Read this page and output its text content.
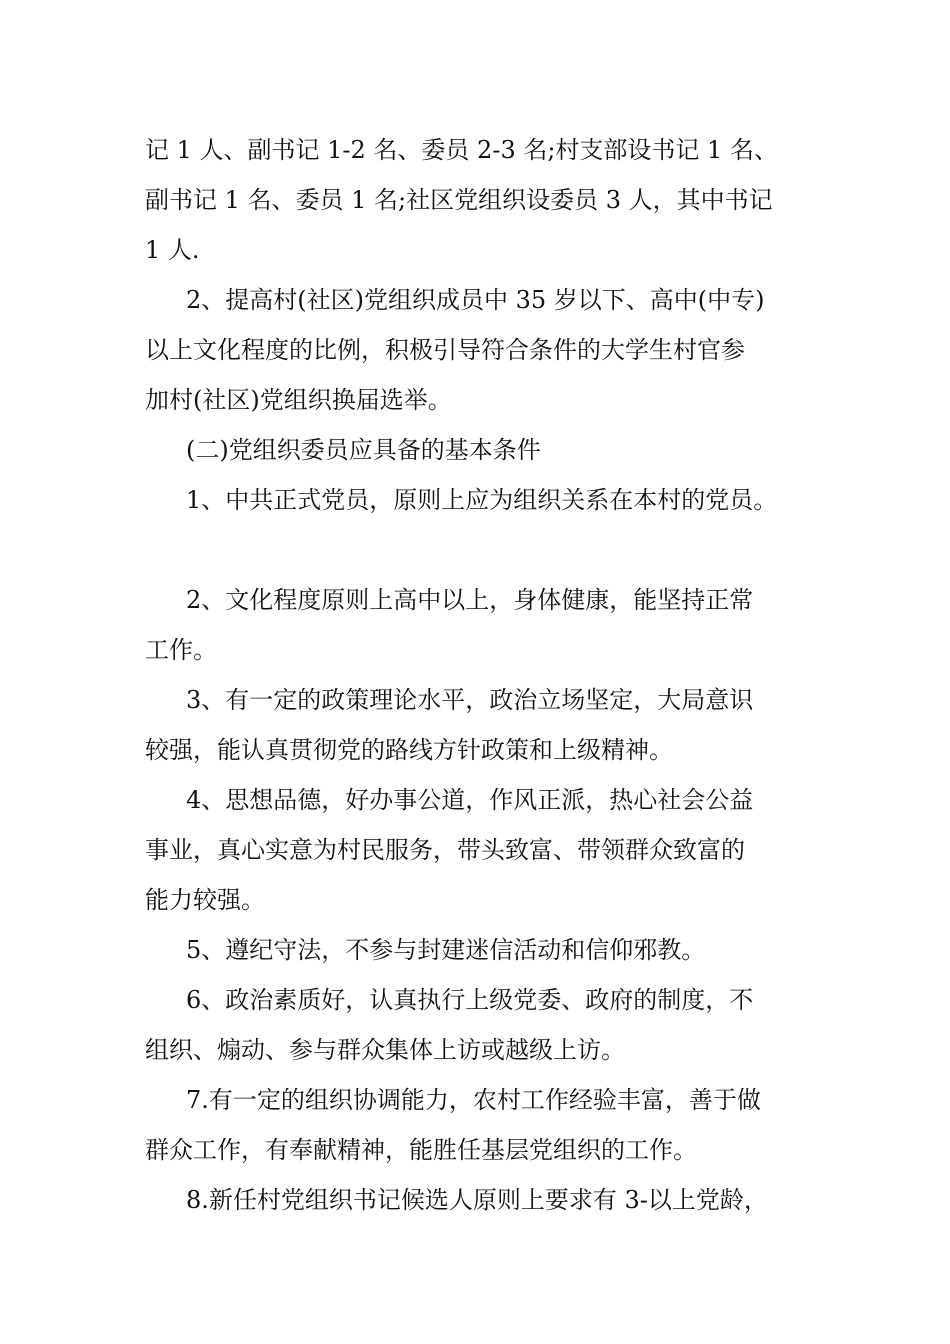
记 1 人、副书记 1-2 名、委员 2-3 名;村支部设书记 1 名、
副书记 1 名、委员 1 名;社区党组织设委员 3 人，其中书记
1 人.
2、提高村(社区)党组织成员中 35 岁以下、高中(中专)
以上文化程度的比例，积极引导符合条件的大学生村官参
加村(社区)党组织换届选举。
(二)党组织委员应具备的基本条件
1、中共正式党员，原则上应为组织关系在本村的党员。
2、文化程度原则上高中以上，身体健康，能坚持正常
工作。
3、有一定的政策理论水平，政治立场坚定，大局意识
较强，能认真贯彻党的路线方针政策和上级精神。
4、思想品德，好办事公道，作风正派，热心社会公益
事业，真心实意为村民服务，带头致富、带领群众致富的
能力较强。
5、遵纪守法，不参与封建迷信活动和信仰邪教。
6、政治素质好，认真执行上级党委、政府的制度，不
组织、煽动、参与群众集体上访或越级上访。
7.有一定的组织协调能力，农村工作经验丰富，善于做
群众工作，有奉献精神，能胜任基层党组织的工作。
8.新任村党组织书记候选人原则上要求有 3-以上党龄，
